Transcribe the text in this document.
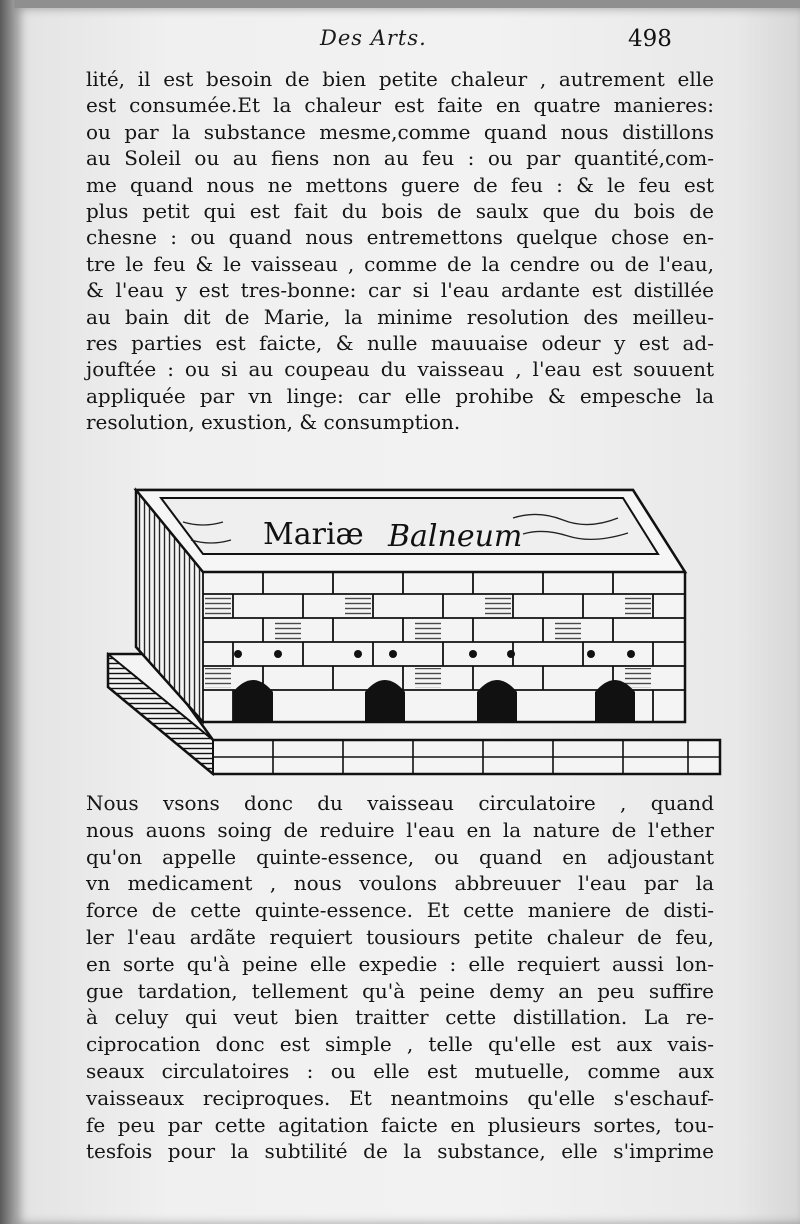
Des Arts.	498
lité, il est besoin de bien petite chaleur , autrement elle
est consumée.Et la chaleur est faite en quatre manieres:
ou par la substance mesme,comme quand nous distillons
au Soleil ou au fiens non au feu : ou par quantité,com-
me quand nous ne mettons guere de feu : & le feu est
plus petit qui est fait du bois de saulx que du bois de
chesne : ou quand nous entremettons quelque chose en-
tre le feu & le vaisseau , comme de la cendre ou de l'eau,
& l'eau y est tres-bonne: car si l'eau ardante est distillée
au bain dit de Marie, la minime resolution des meilleu-
res parties est faicte, & nulle mauuaise odeur y est ad-
jouftée : ou si au coupeau du vaisseau , l'eau est souuent
appliquée par vn linge: car elle prohibe & empesche la
resolution, exustion, & consumption.
Mariæ Balneum
Nous vsons donc du vaisseau circulatoire , quand
nous auons soing de reduire l'eau en la nature de l'ether
qu'on appelle quinte-essence, ou quand en adjoustant
vn medicament , nous voulons abbreuuer l'eau par la
force de cette quinte-essence. Et cette maniere de disti-
ler l'eau ardãte requiert tousiours petite chaleur de feu,
en sorte qu'à peine elle expedie : elle requiert aussi lon-
gue tardation, tellement qu'à peine demy an peu suffire
à celuy qui veut bien traitter cette distillation. La re-
ciprocation donc est simple , telle qu'elle est aux vais-
seaux circulatoires : ou elle est mutuelle, comme aux
vaisseaux reciproques. Et neantmoins qu'elle s'eschauf-
fe peu par cette agitation faicte en plusieurs sortes, tou-
tesfois pour la subtilité de la substance, elle s'imprime
